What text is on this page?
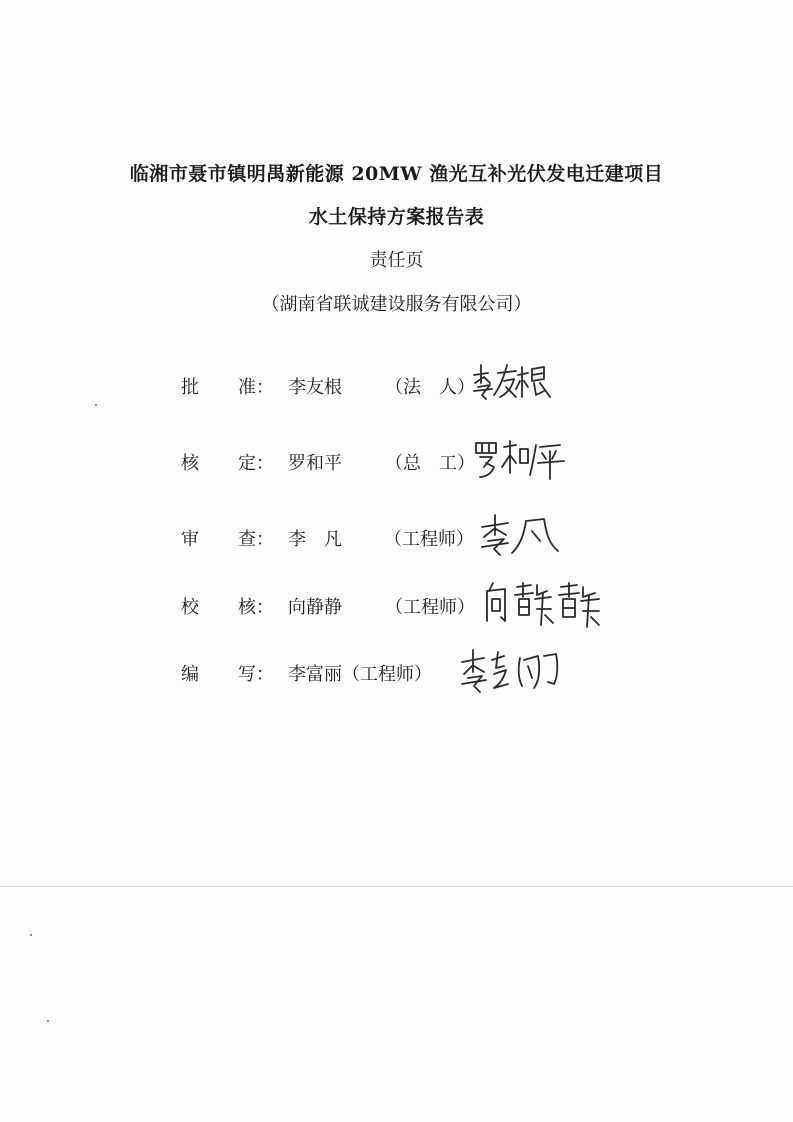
临湘市聂市镇明禺新能源 20MW 渔光互补光伏发电迁建项目
水土保持方案报告表
责任页
（湖南省联诚建设服务有限公司）
批 准： 李友根 （法　人）
核 定： 罗和平 （总　工）
审 查： 李　凡 （工程师）
校 核： 向静静 （工程师）
编 写： 李富丽（工程师）
